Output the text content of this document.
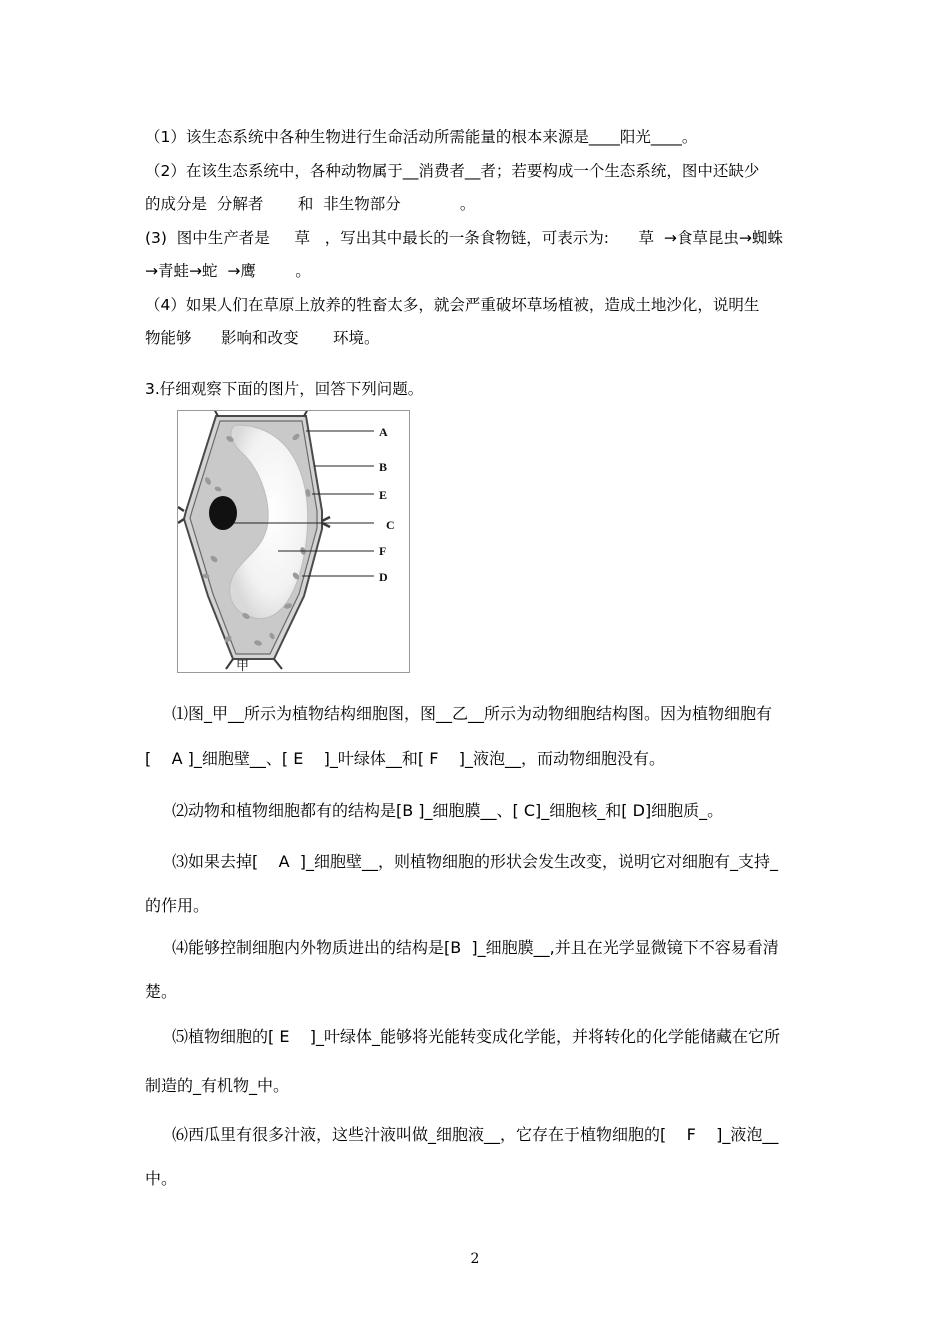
（1）该生态系统中各种生物进行生命活动所需能量的根本来源是____阳光____。
（2）在该生态系统中，各种动物属于__消费者__者；若要构成一个生态系统，图中还缺少
的成分是  分解者       和  非生物部分            。
(3)  图中生产者是     草   ，写出其中最长的一条食物链，可表示为:      草  →食草昆虫→蜘蛛
→青蛙→蛇  →鹰        。
（4）如果人们在草原上放养的牲畜太多，就会严重破坏草场植被，造成土地沙化，说明生
物能够      影响和改变       环境。
3.仔细观察下面的图片，回答下列问题。
A
B
E
C
F
D
甲
⑴图_甲__所示为植物结构细胞图，图__乙__所示为动物细胞结构图。因为植物细胞有
[    A ]_细胞壁__、[ E    ]_叶绿体__和[ F    ]_液泡__，而动物细胞没有。
⑵动物和植物细胞都有的结构是[B ]_细胞膜__、[ C]_细胞核_和[ D]细胞质_。
⑶如果去掉[    A  ]_细胞壁__，则植物细胞的形状会发生改变，说明它对细胞有_支持_
的作用。
⑷能够控制细胞内外物质进出的结构是[B  ]_细胞膜__,并且在光学显微镜下不容易看清
楚。
⑸植物细胞的[ E    ]_叶绿体_能够将光能转变成化学能，并将转化的化学能储藏在它所
制造的_有机物_中。
⑹西瓜里有很多汁液，这些汁液叫做_细胞液__，它存在于植物细胞的[    F    ]_液泡__
中。
2
